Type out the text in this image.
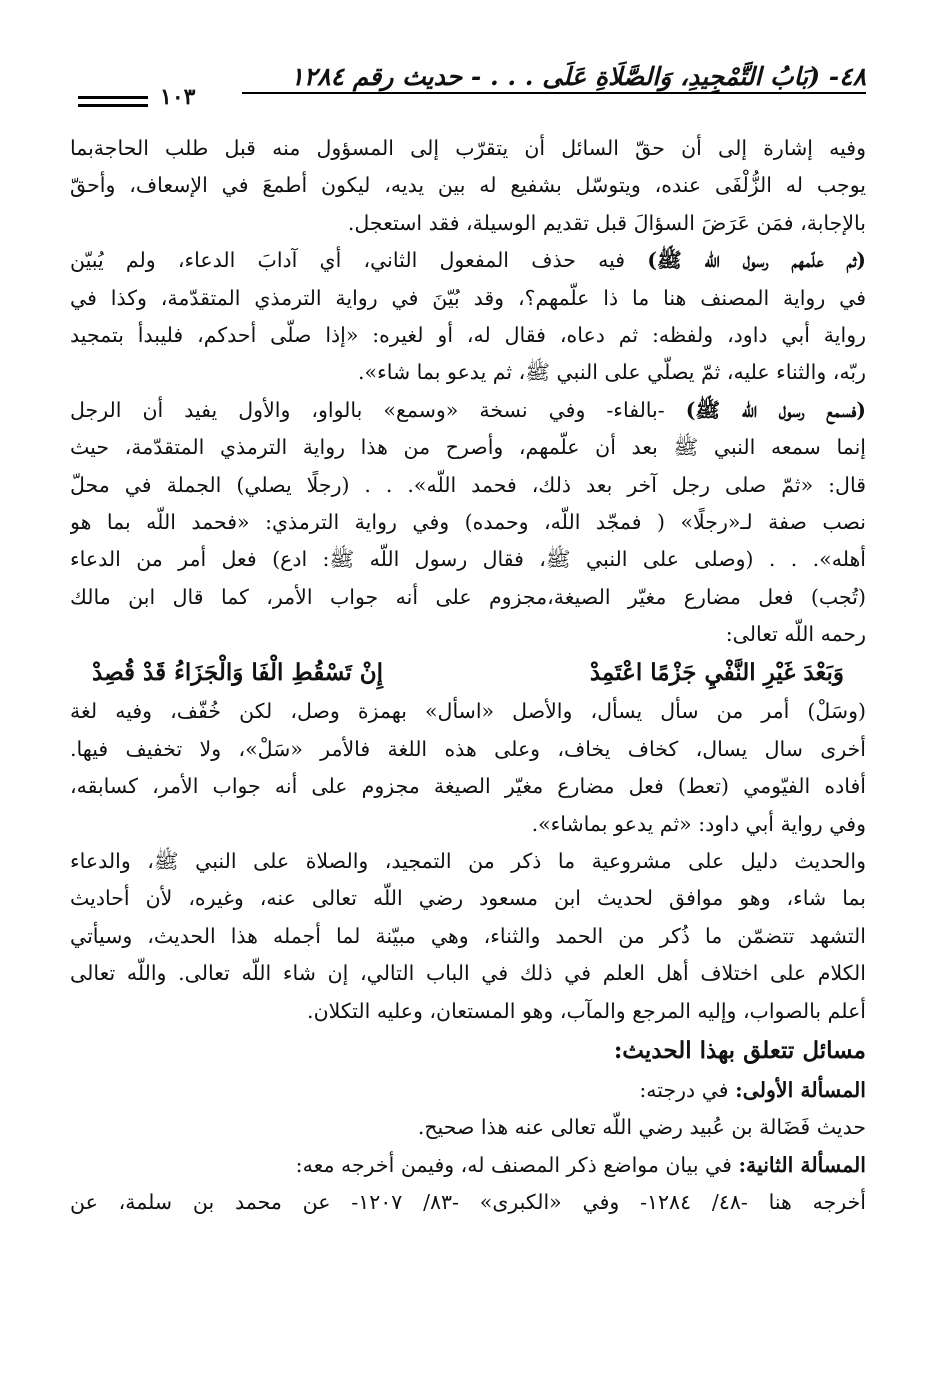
٤٨- (بَابُ التَّمْجِيدِ، وَالصَّلَاةِ عَلَى . . . - حديث رقم ١٢٨٤
١٠٣
وفيه إشارة إلى أن حقّ السائل أن يتقرّب إلى المسؤول منه قبل طلب الحاجةبما
يوجب له الزُّلْفَى عنده، ويتوسّل بشفيع له بين يديه، ليكون أطمعَ في الإسعاف، وأحقّ
بالإجابة، فمَن عَرَضَ السؤالَ قبل تقديم الوسيلة، فقد استعجل.
(ثم علّمهم رسول اللّه ﷺ) فيه حذف المفعول الثاني، أي آدابَ الدعاء، ولم يُبيّن
في رواية المصنف هنا ما ذا علّمهم؟، وقد بُيّنَ في رواية الترمذي المتقدّمة، وكذا في
رواية أبي داود، ولفظه: ثم دعاه، فقال له، أو لغيره: «إذا صلّى أحدكم، فليبدأ بتمجيد
ربّه، والثناء عليه، ثمّ يصلّي على النبي ﷺ، ثم يدعو بما شاء».
(فسمع رسول اللّه ﷺ) -بالفاء- وفي نسخة «وسمع» بالواو، والأول يفيد أن الرجل
إنما سمعه النبي ﷺ بعد أن علّمهم، وأصرح من هذا رواية الترمذي المتقدّمة، حيث
قال: «ثمّ صلى رجل آخر بعد ذلك، فحمد اللّه». . . (رجلًا يصلي) الجملة في محلّ
نصب صفة لـ«رجلًا» ( فمجّد اللّه، وحمده) وفي رواية الترمذي: «فحمد اللّه بما هو
أهله». . . (وصلى على النبي ﷺ، فقال رسول اللّه ﷺ: ادع) فعل أمر من الدعاء
(تُجب) فعل مضارع مغيّر الصيغة،مجزوم على أنه جواب الأمر، كما قال ابن مالك
رحمه اللّه تعالى:
وَبَعْدَ غَيْرِ النَّفْيِ جَزْمًا اعْتَمِدْ إِنْ تَسْقُطِ الْفَا وَالْجَزَاءُ قَدْ قُصِدْ
(وسَلْ) أمر من سأل يسأل، والأصل «اسأل» بهمزة وصل، لكن خُفّف، وفيه لغة
أخرى سال يسال، كخاف يخاف، وعلى هذه اللغة فالأمر «سَلْ»، ولا تخفيف فيها.
أفاده الفيّومي (تعط) فعل مضارع مغيّر الصيغة مجزوم على أنه جواب الأمر، كسابقه،
وفي رواية أبي داود: «ثم يدعو بماشاء».
والحديث دليل على مشروعية ما ذكر من التمجيد، والصلاة على النبي ﷺ، والدعاء
بما شاء، وهو موافق لحديث ابن مسعود رضي اللّه تعالى عنه، وغيره، لأن أحاديث
التشهد تتضمّن ما ذُكر من الحمد والثناء، وهي مبيّنة لما أجمله هذا الحديث، وسيأتي
الكلام على اختلاف أهل العلم في ذلك في الباب التالي، إن شاء اللّه تعالى. واللّه تعالى
أعلم بالصواب، وإليه المرجع والمآب، وهو المستعان، وعليه التكلان.
مسائل تتعلق بهذا الحديث:
المسألة الأولى: في درجته:
حديث فَضَالة بن عُبيد رضي اللّه تعالى عنه هذا صحيح.
المسألة الثانية: في بيان مواضع ذكر المصنف له، وفيمن أخرجه معه:
أخرجه هنا -٤٨/ ١٢٨٤- وفي «الكبرى» -٨٣/ ١٢٠٧- عن محمد بن سلمة، عن
